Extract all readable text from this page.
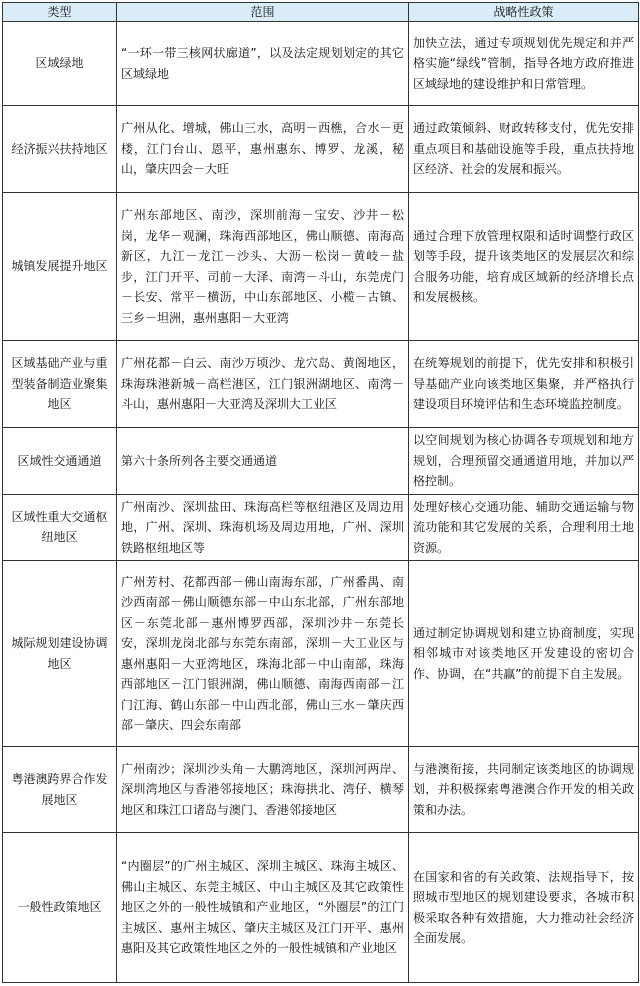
类型	范围	战略性政策
区域绿地	“一环一带三核网状廊道”，以及法定规划划定的其它区域绿地	加快立法，通过专项规划优先规定和并严格实施“绿线”管制，指导各地方政府推进区域绿地的建设维护和日常管理。
经济振兴扶持地区	广州从化、增城，佛山三水，高明－西樵，合水－更楼，江门台山、恩平，惠州惠东、博罗、龙溪，秘山，肇庆四会－大旺	通过政策倾斜、财政转移支付，优先安排重点项目和基础设施等手段，重点扶持地区经济、社会的发展和振兴。
城镇发展提升地区	广州东部地区、南沙，深圳前海－宝安、沙井－松岗，龙华－观澜，珠海西部地区，佛山顺德、南海高新区，九江－龙江－沙头、大沥－松岗－黄岐－盐步，江门开平、司前－大泽、南湾－斗山，东莞虎门－长安、常平－横沥，中山东部地区、小榄－古镇、三乡－坦洲，惠州惠阳－大亚湾	通过合理下放管理权限和适时调整行政区划等手段，提升该类地区的发展层次和综合服务功能，培育成区域新的经济增长点和发展极核。
区域基础产业与重型装备制造业聚集地区	广州花都－白云、南沙万顷沙、龙穴岛、黄阁地区，珠海珠港新城－高栏港区，江门银洲湖地区、南湾－斗山，惠州惠阳－大亚湾及深圳大工业区	在统筹规划的前提下，优先安排和积极引导基础产业向该类地区集聚，并严格执行建设项目环境评估和生态环境监控制度。
区域性交通通道	第六十条所列各主要交通通道	以空间规划为核心协调各专项规划和地方规划，合理预留交通通道用地，并加以严格控制。
区域性重大交通枢纽地区	广州南沙、深圳盐田、珠海高栏等枢纽港区及周边用地，广州、深圳、珠海机场及周边用地，广州、深圳铁路枢纽地区等	处理好核心交通功能、辅助交通运输与物流功能和其它发展的关系，合理利用土地资源。
城际规划建设协调地区	广州芳村、花都西部－佛山南海东部，广州番禺、南沙西南部－佛山顺德东部－中山东北部，广州东部地区－东莞北部－惠州博罗西部，深圳沙井－东莞长安，深圳龙岗北部与东莞东南部，深圳－大工业区与惠州惠阳－大亚湾地区，珠海北部－中山南部，珠海西部地区－江门银洲湖，佛山顺德、南海西南部－江门江海、鹤山东部－中山西北部，佛山三水－肇庆西部－肇庆、四会东南部	通过制定协调规划和建立协商制度，实现相邻城市对该类地区开发建设的密切合作、协调，在“共赢”的前提下自主发展。
粤港澳跨界合作发展地区	广州南沙；深圳沙头角－大鹏湾地区，深圳河两岸、深圳湾地区与香港邻接地区；珠海拱北、湾仔、横琴地区和珠江口诸岛与澳门、香港邻接地区	与港澳衔接，共同制定该类地区的协调规划，并积极探索粤港澳合作开发的相关政策和办法。
一般性政策地区	“内圈层”的广州主城区、深圳主城区、珠海主城区、佛山主城区、东莞主城区、中山主城区及其它政策性地区之外的一般性城镇和产业地区，“外圈层”的江门主城区、惠州主城区、肇庆主城区及江门开平、惠州惠阳及其它政策性地区之外的一般性城镇和产业地区	在国家和省的有关政策、法规指导下，按照城市型地区的规划建设要求，各城市积极采取各种有效措施，大力推动社会经济全面发展。
